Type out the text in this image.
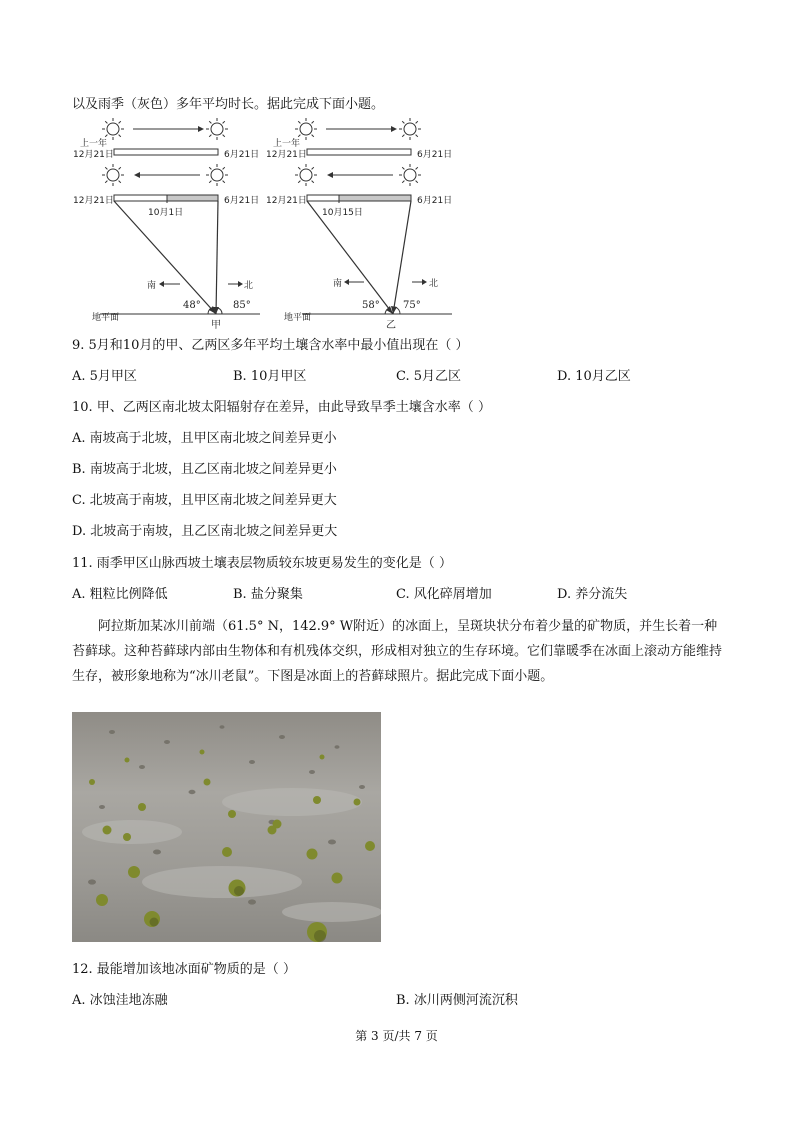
以及雨季（灰色）多年平均时长。据此完成下面小题。
上一年
12月21日	6月21日
12月21日
10月1日
6月21日
南	北
48°	85°
地平面
甲
上一年
12月21日	6月21日
12月21日
10月15日
6月21日
南	北
58° 75°
地平面
乙
9. 5月和10月的甲、乙两区多年平均土壤含水率中最小值出现在（ ）
A. 5月甲区	B. 10月甲区	C. 5月乙区	D. 10月乙区
10. 甲、乙两区南北坡太阳辐射存在差异，由此导致旱季土壤含水率（ ）
A. 南坡高于北坡，且甲区南北坡之间差异更小
B. 南坡高于北坡，且乙区南北坡之间差异更小
C. 北坡高于南坡，且甲区南北坡之间差异更大
D. 北坡高于南坡，且乙区南北坡之间差异更大
11. 雨季甲区山脉西坡土壤表层物质较东坡更易发生的变化是（ ）
A. 粗粒比例降低	B. 盐分聚集	C. 风化碎屑增加	D. 养分流失
阿拉斯加某冰川前端（61.5° N，142.9° W附近）的冰面上，呈斑块状分布着少量的矿物质，并生长着一种苔藓球。这种苔藓球内部由生物体和有机残体交织，形成相对独立的生存环境。它们靠暖季在冰面上滚动方能维持生存，被形象地称为“冰川老鼠”。下图是冰面上的苔藓球照片。据此完成下面小题。
12. 最能增加该地冰面矿物质的是（ ）
A. 冰蚀洼地冻融	B. 冰川两侧河流沉积
第 3 页/共 7 页
